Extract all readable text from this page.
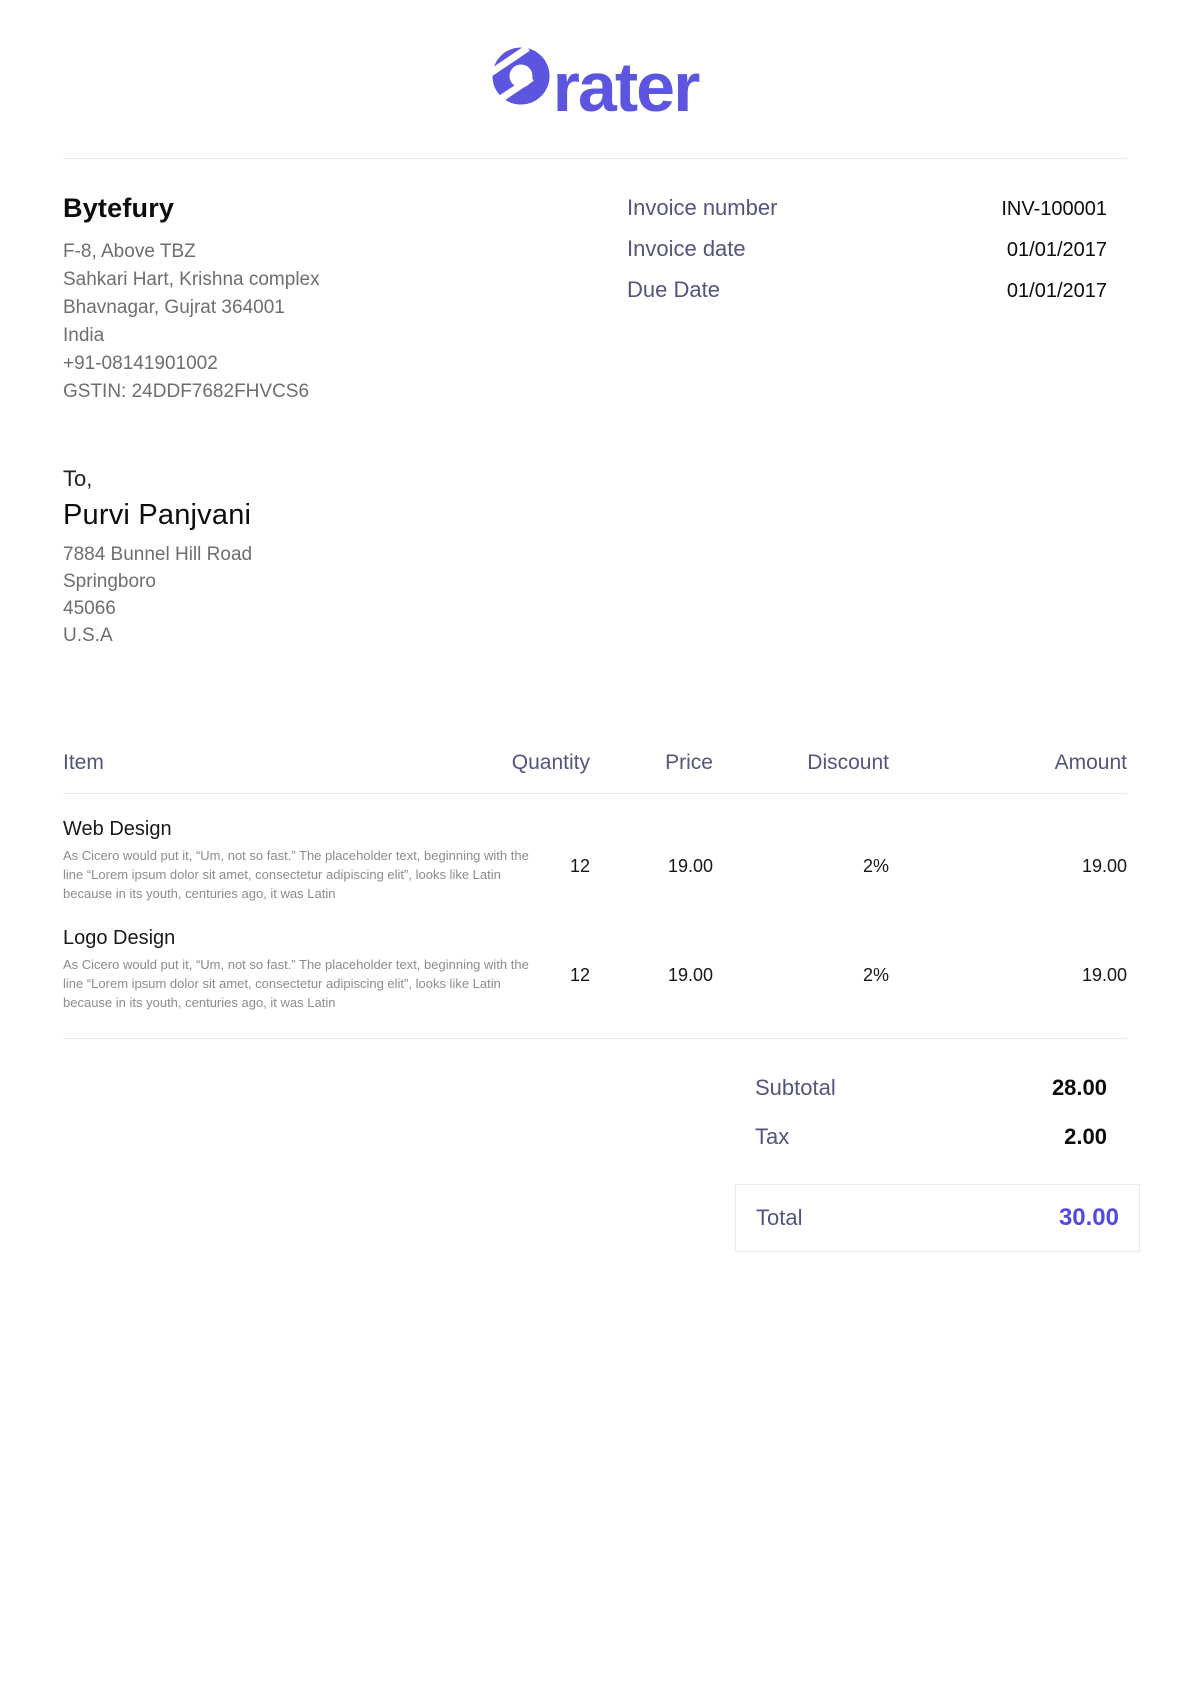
rater
Bytefury

F-8, Above TBZ
Sahkari Hart, Krishna complex
Bhavnagar, Gujrat 364001
India
+91-08141901002
GSTIN: 24DDF7682FHVCS6

Invoice number	INV-100001
Invoice date	01/01/2017
Due Date	01/01/2017

To,

Purvi Panjvani

7884 Bunnel Hill Road
Springboro
45066
U.S.A

Item	Quantity	Price	Discount	Amount
Web Design
As Cicero would put it, “Um, not so fast.” The placeholder text, beginning with the line “Lorem ipsum dolor sit amet, consectetur adipiscing elit”, looks like Latin because in its youth, centuries ago, it was Latin
12	19.00	2%	19.00
Logo Design
As Cicero would put it, “Um, not so fast.” The placeholder text, beginning with the line “Lorem ipsum dolor sit amet, consectetur adipiscing elit”, looks like Latin because in its youth, centuries ago, it was Latin
12	19.00	2%	19.00
Subtotal	28.00
Tax	2.00
Total	30.00
